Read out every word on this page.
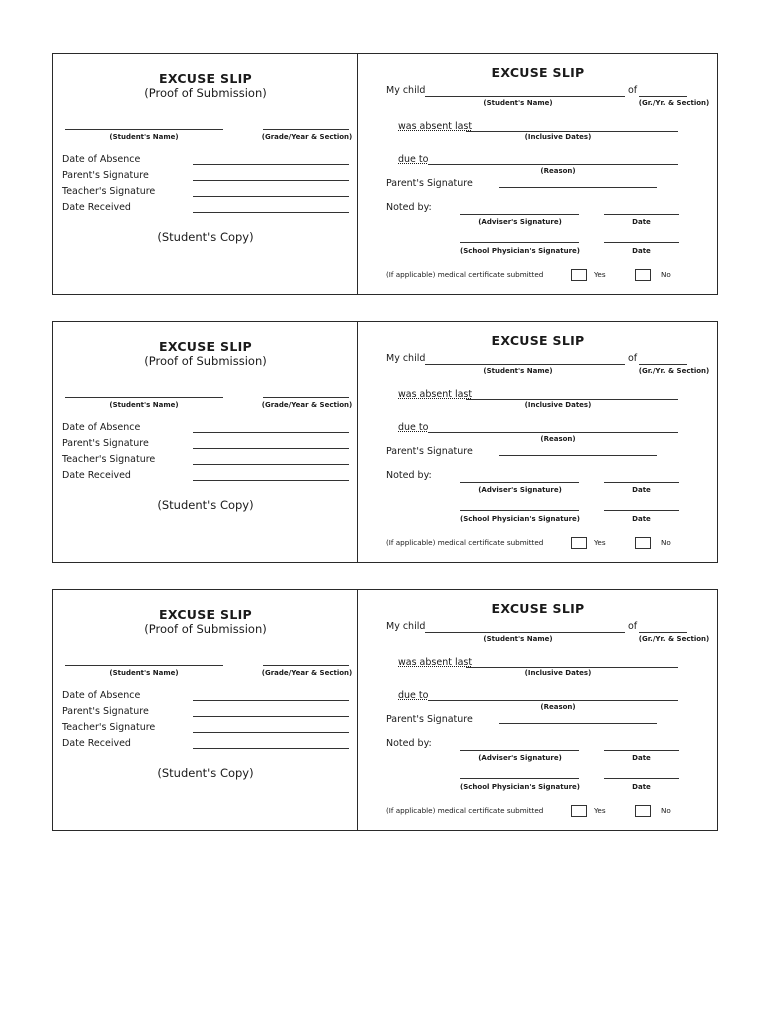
EXCUSE SLIP
(Proof of Submission)
(Student's Name)	(Grade/Year & Section)
Date of Absence
Parent's Signature
Teacher's Signature
Date Received
(Student's Copy)
EXCUSE SLIP
My child	of
(Student's Name)	(Gr./Yr. & Section)
was absent last
(Inclusive Dates)
due to
(Reason)
Parent's Signature
Noted by:
(Adviser's Signature)	Date
(School Physician's Signature)	Date
(If applicable) medical certificate submitted	Yes	No
EXCUSE SLIP
(Proof of Submission)
(Student's Name)	(Grade/Year & Section)
Date of Absence
Parent's Signature
Teacher's Signature
Date Received
(Student's Copy)
EXCUSE SLIP
My child	of
(Student's Name)	(Gr./Yr. & Section)
was absent last
(Inclusive Dates)
due to
(Reason)
Parent's Signature
Noted by:
(Adviser's Signature)	Date
(School Physician's Signature)	Date
(If applicable) medical certificate submitted	Yes	No
EXCUSE SLIP
(Proof of Submission)
(Student's Name)	(Grade/Year & Section)
Date of Absence
Parent's Signature
Teacher's Signature
Date Received
(Student's Copy)
EXCUSE SLIP
My child	of
(Student's Name)	(Gr./Yr. & Section)
was absent last
(Inclusive Dates)
due to
(Reason)
Parent's Signature
Noted by:
(Adviser's Signature)	Date
(School Physician's Signature)	Date
(If applicable) medical certificate submitted	Yes	No
